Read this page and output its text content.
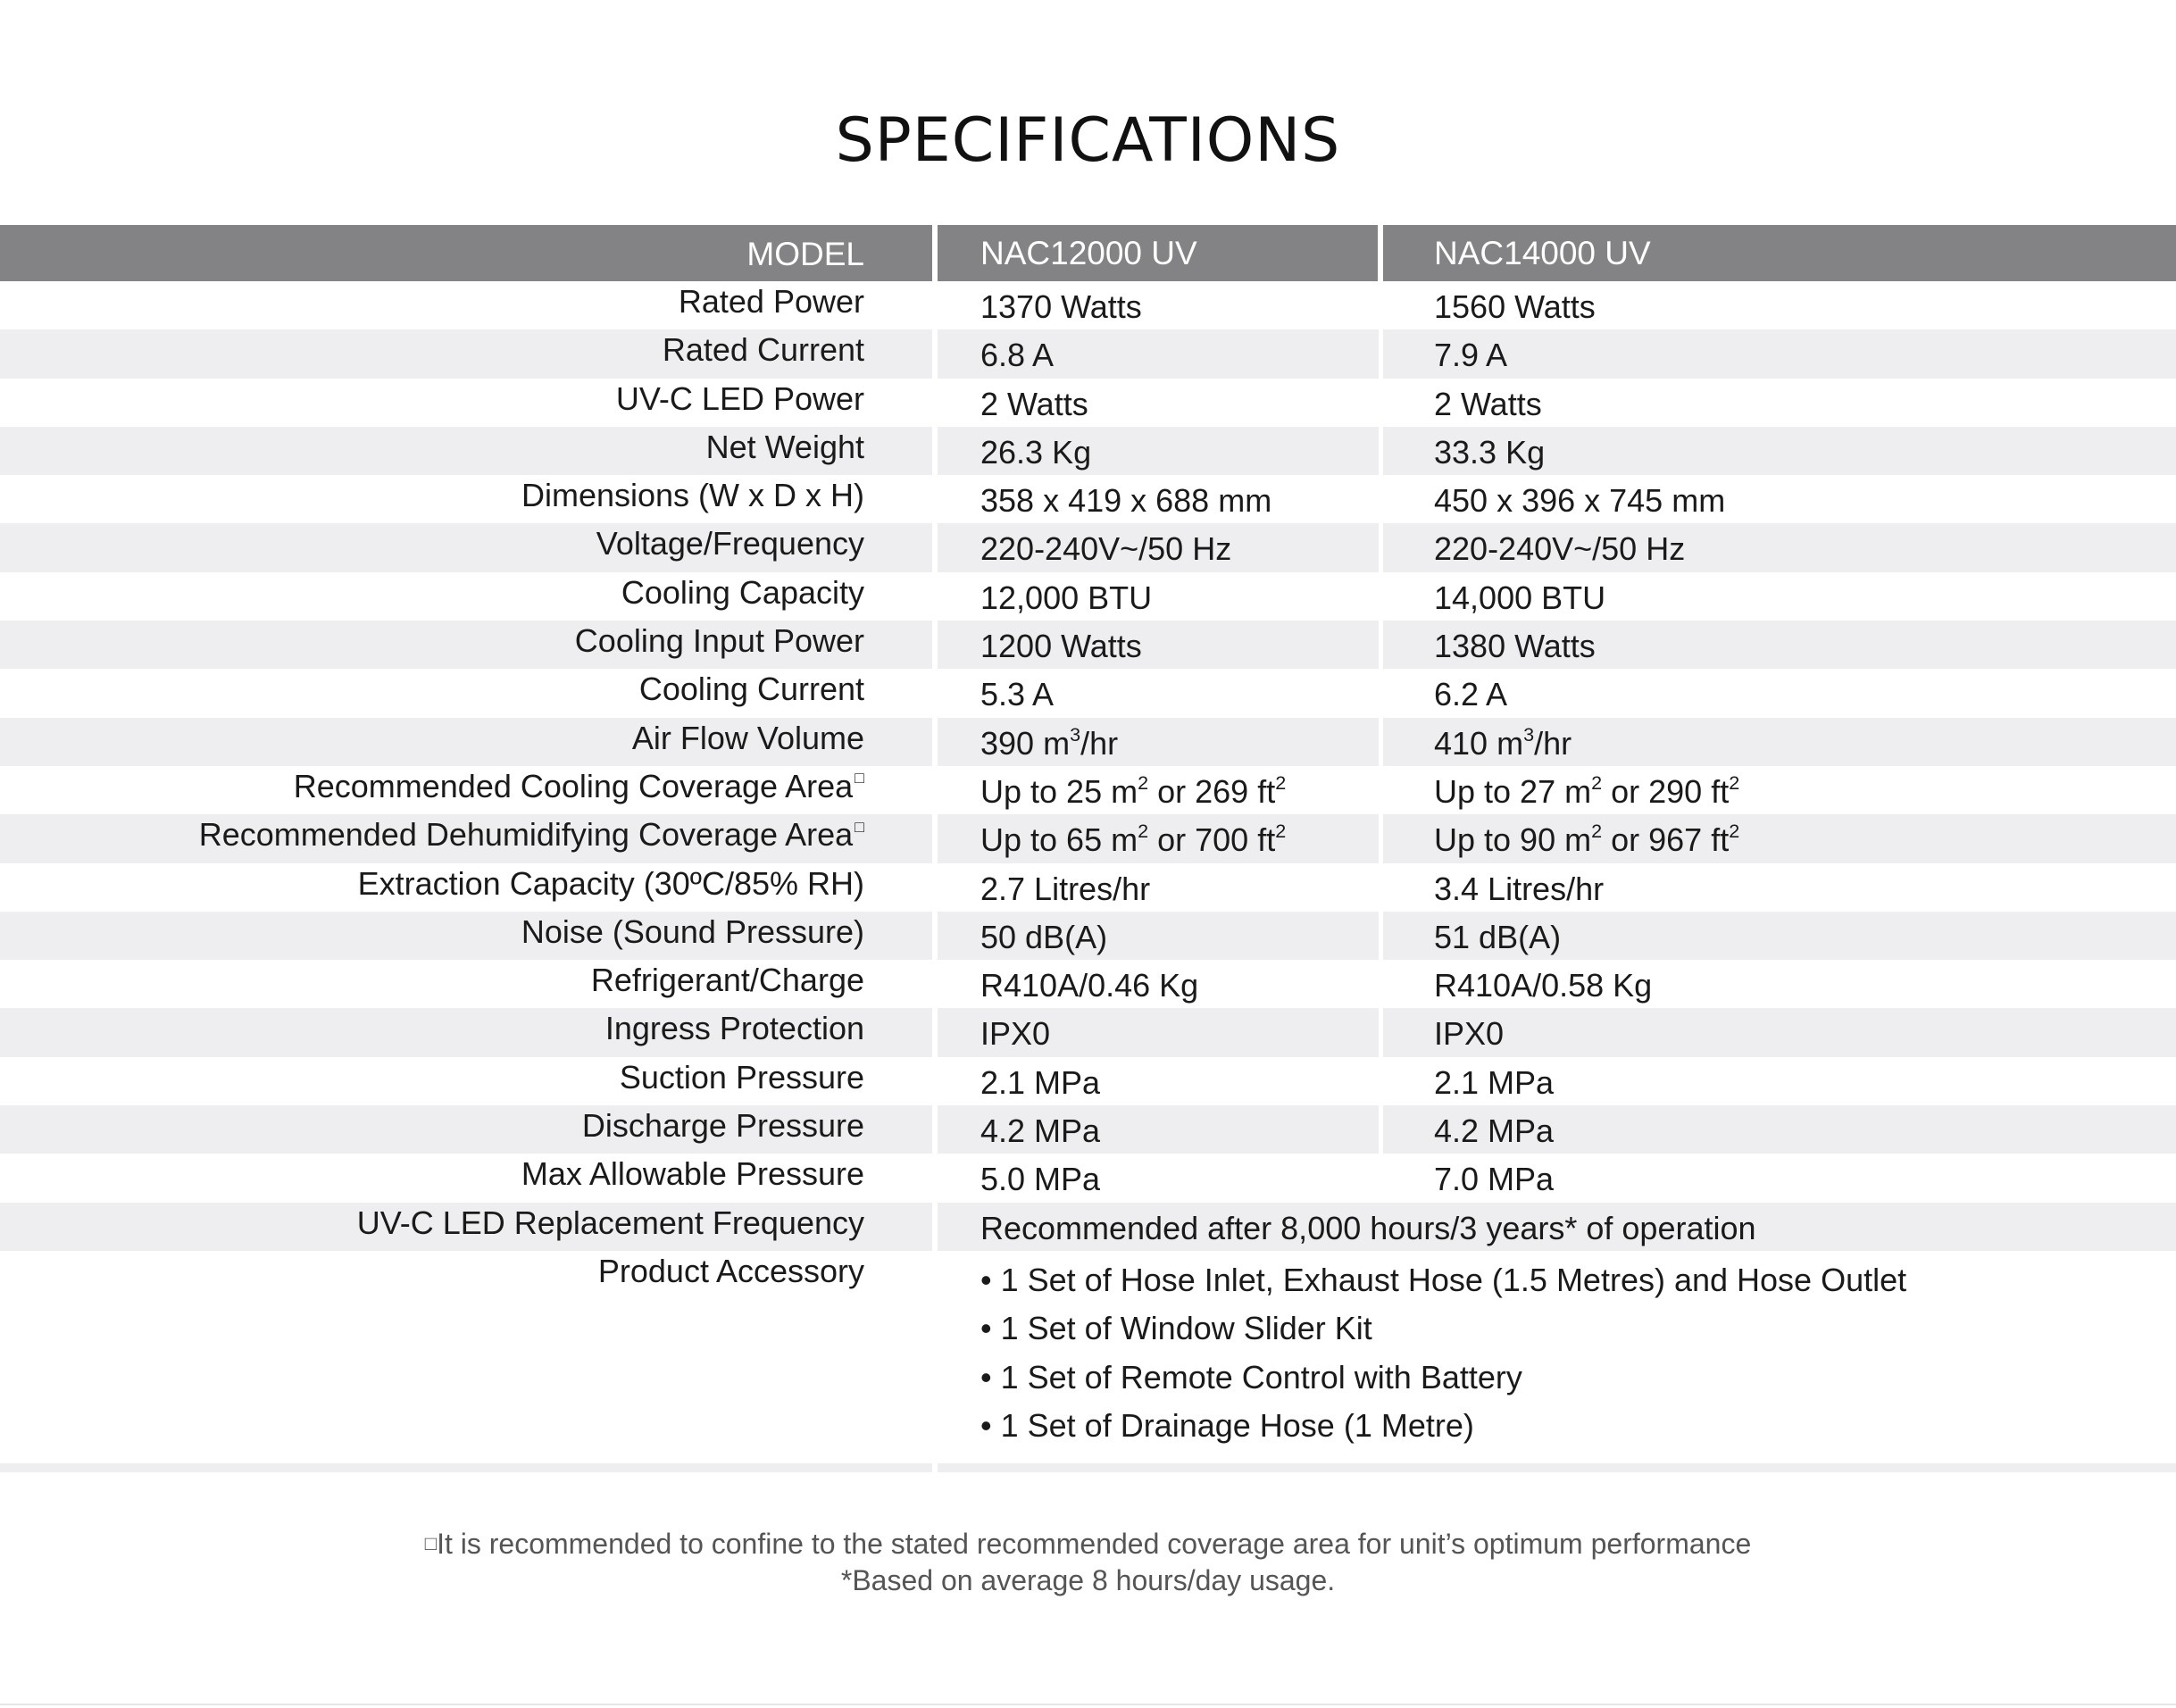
SPECIFICATIONS
MODEL	NAC12000 UV	NAC14000 UV
Rated Power	1370 Watts	1560 Watts
Rated Current	6.8 A	7.9 A
UV-C LED Power	2 Watts	2 Watts
Net Weight	26.3 Kg	33.3 Kg
Dimensions (W x D x H)	358 x 419 x 688 mm	450 x 396 x 745 mm
Voltage/Frequency	220-240V~/50 Hz	220-240V~/50 Hz
Cooling Capacity	12,000 BTU	14,000 BTU
Cooling Input Power	1200 Watts	1380 Watts
Cooling Current	5.3 A	6.2 A
Air Flow Volume	390 $m^3/hr$	410 $m^3/hr$
Recommended Cooling Coverage Area □	Up to 25 $m^2$ or 269 $ft^2$	Up to 27 $m^2$ or 290 $ft^2$
Recommended Dehumidifying Coverage Area □	Up to 65 $m^2$ or 700 $ft^2$	Up to 90 $m^2$ or 967 $ft^2$
Extraction Capacity (30ºC/85% RH)	2.7 Litres/hr	3.4 Litres/hr
Noise (Sound Pressure)	50 dB(A)	51 dB(A)
Refrigerant/Charge	R410A/0.46 Kg	R410A/0.58 Kg
Ingress Protection	IPX0	IPX0
Suction Pressure	2.1 MPa	2.1 MPa
Discharge Pressure	4.2 MPa	4.2 MPa
Max Allowable Pressure	5.0 MPa	7.0 MPa
UV-C LED Replacement Frequency	Recommended after 8,000 hours/3 years* of operation
Product Accessory	• 1 Set of Hose Inlet, Exhaust Hose (1.5 Metres) and Hose Outlet
• 1 Set of Window Slider Kit
• 1 Set of Remote Control with Battery
• 1 Set of Drainage Hose (1 Metre)
□It is recommended to confine to the stated recommended coverage area for unit’s optimum performance
*Based on average 8 hours/day usage.
